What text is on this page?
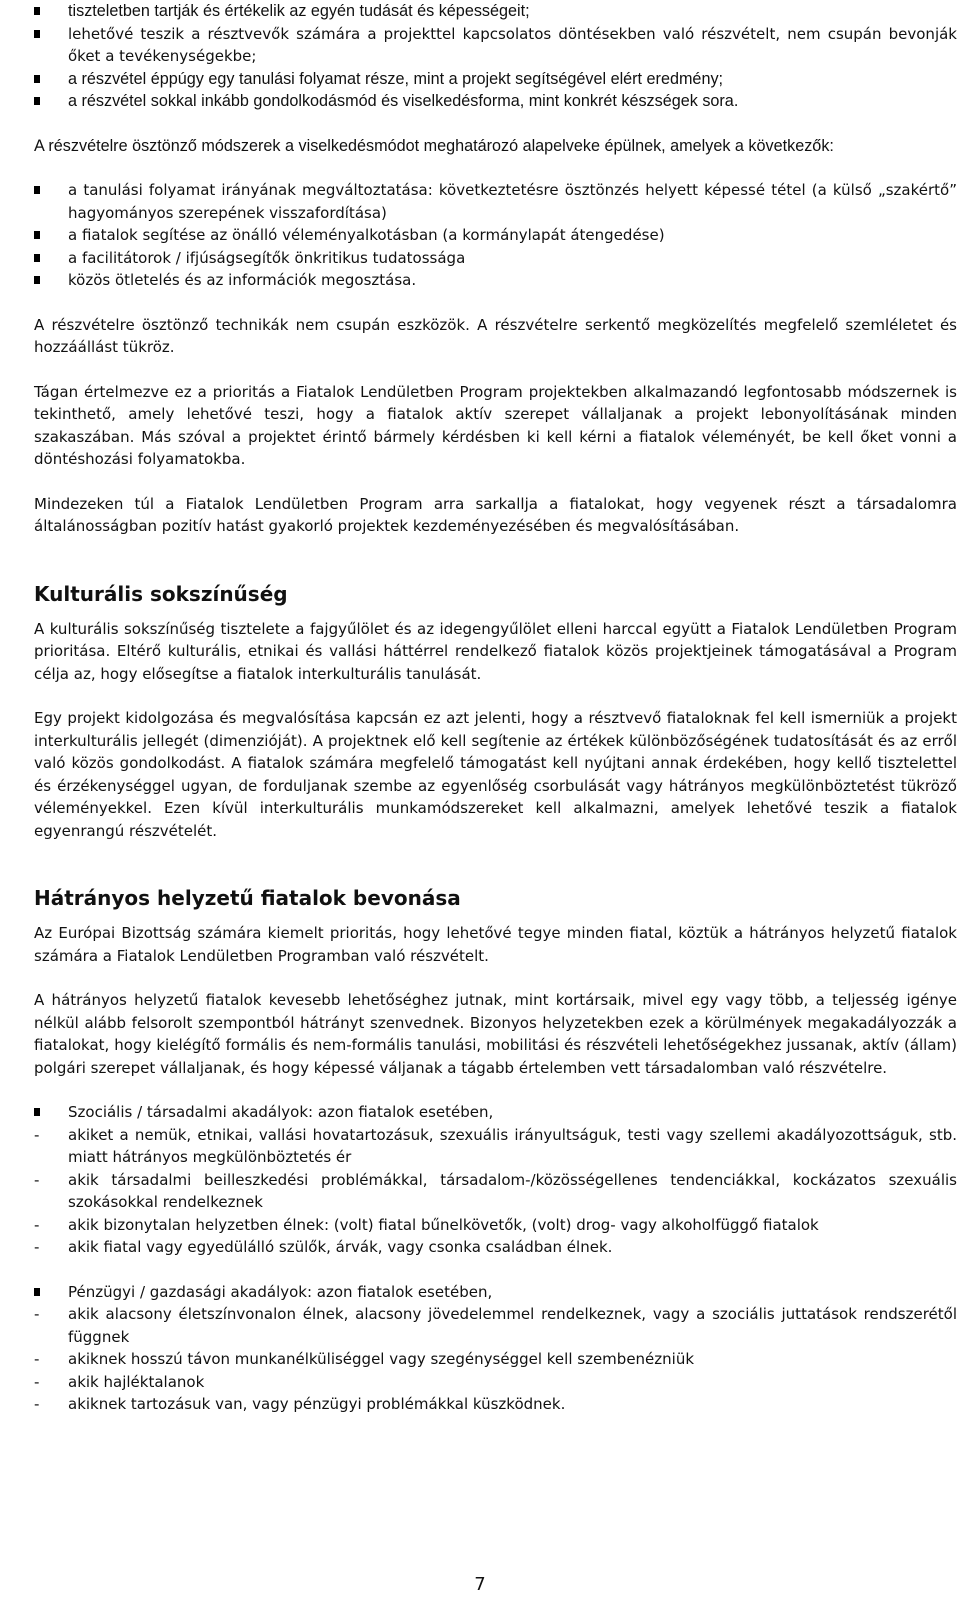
tiszteletben tartják és értékelik az egyén tudását és képességeit;
lehetővé teszik a résztvevők számára a projekttel kapcsolatos döntésekben való részvételt, nem csupán bevonják őket a tevékenységekbe;
a részvétel éppúgy egy tanulási folyamat része, mint a projekt segítségével elért eredmény;
a részvétel sokkal inkább gondolkodásmód és viselkedésforma, mint konkrét készségek sora.

A részvételre ösztönző módszerek a viselkedésmódot meghatározó alapelveke épülnek, amelyek a következők:

a tanulási folyamat irányának megváltoztatása: következtetésre ösztönzés helyett képessé tétel (a külső „szakértő” hagyományos szerepének visszafordítása)
a fiatalok segítése az önálló véleményalkotásban (a kormánylapát átengedése)
a facilitátorok / ifjúságsegítők önkritikus tudatossága
közös ötletelés és az információk megosztása.

A részvételre ösztönző technikák nem csupán eszközök. A részvételre serkentő megközelítés megfelelő szemléletet és hozzáállást tükröz.

Tágan értelmezve ez a prioritás a Fiatalok Lendületben Program projektekben alkalmazandó legfontosabb módszernek is tekinthető, amely lehetővé teszi, hogy a fiatalok aktív szerepet vállaljanak a projekt lebonyolításának minden szakaszában. Más szóval a projektet érintő bármely kérdésben ki kell kérni a fiatalok véleményét, be kell őket vonni a döntéshozási folyamatokba.

Mindezeken túl a Fiatalok Lendületben Program arra sarkallja a fiatalokat, hogy vegyenek részt a társadalomra általánosságban pozitív hatást gyakorló projektek kezdeményezésében és megvalósításában.

Kulturális sokszínűség

A kulturális sokszínűség tisztelete a fajgyűlölet és az idegengyűlölet elleni harccal együtt a Fiatalok Lendületben Program prioritása. Eltérő kulturális, etnikai és vallási háttérrel rendelkező fiatalok közös projektjeinek támogatásával a Program célja az, hogy elősegítse a fiatalok interkulturális tanulását.

Egy projekt kidolgozása és megvalósítása kapcsán ez azt jelenti, hogy a résztvevő fiataloknak fel kell ismerniük a projekt interkulturális jellegét (dimenzióját). A projektnek elő kell segítenie az értékek különbözőségének tudatosítását és az erről való közös gondolkodást. A fiatalok számára megfelelő támogatást kell nyújtani annak érdekében, hogy kellő tisztelettel és érzékenységgel ugyan, de forduljanak szembe az egyenlőség csorbulását vagy hátrányos megkülönböztetést tükröző véleményekkel. Ezen kívül interkulturális munkamódszereket kell alkalmazni, amelyek lehetővé teszik a fiatalok egyenrangú részvételét.

Hátrányos helyzetű fiatalok bevonása

Az Európai Bizottság számára kiemelt prioritás, hogy lehetővé tegye minden fiatal, köztük a hátrányos helyzetű fiatalok számára a Fiatalok Lendületben Programban való részvételt.

A hátrányos helyzetű fiatalok kevesebb lehetőséghez jutnak, mint kortársaik, mivel egy vagy több, a teljesség igénye nélkül alább felsorolt szempontból hátrányt szenvednek. Bizonyos helyzetekben ezek a körülmények megakadályozzák a fiatalokat, hogy kielégítő formális és nem-formális tanulási, mobilitási és részvételi lehetőségekhez jussanak, aktív (állam) polgári szerepet vállaljanak, és hogy képessé váljanak a tágabb értelemben vett társadalomban való részvételre.

Szociális / társadalmi akadályok: azon fiatalok esetében,
- akiket a nemük, etnikai, vallási hovatartozásuk, szexuális irányultságuk, testi vagy szellemi akadályozottságuk, stb. miatt hátrányos megkülönböztetés ér
- akik társadalmi beilleszkedési problémákkal, társadalom-/közösségellenes tendenciákkal, kockázatos szexuális szokásokkal rendelkeznek
- akik bizonytalan helyzetben élnek: (volt) fiatal bűnelkövetők, (volt) drog- vagy alkoholfüggő fiatalok
- akik fiatal vagy egyedülálló szülők, árvák, vagy csonka családban élnek.
Pénzügyi / gazdasági akadályok: azon fiatalok esetében,
- akik alacsony életszínvonalon élnek, alacsony jövedelemmel rendelkeznek, vagy a szociális juttatások rendszerétől függnek
- akiknek hosszú távon munkanélküliséggel vagy szegénységgel kell szembenézniük
- akik hajléktalanok
- akiknek tartozásuk van, vagy pénzügyi problémákkal küszködnek.
7
